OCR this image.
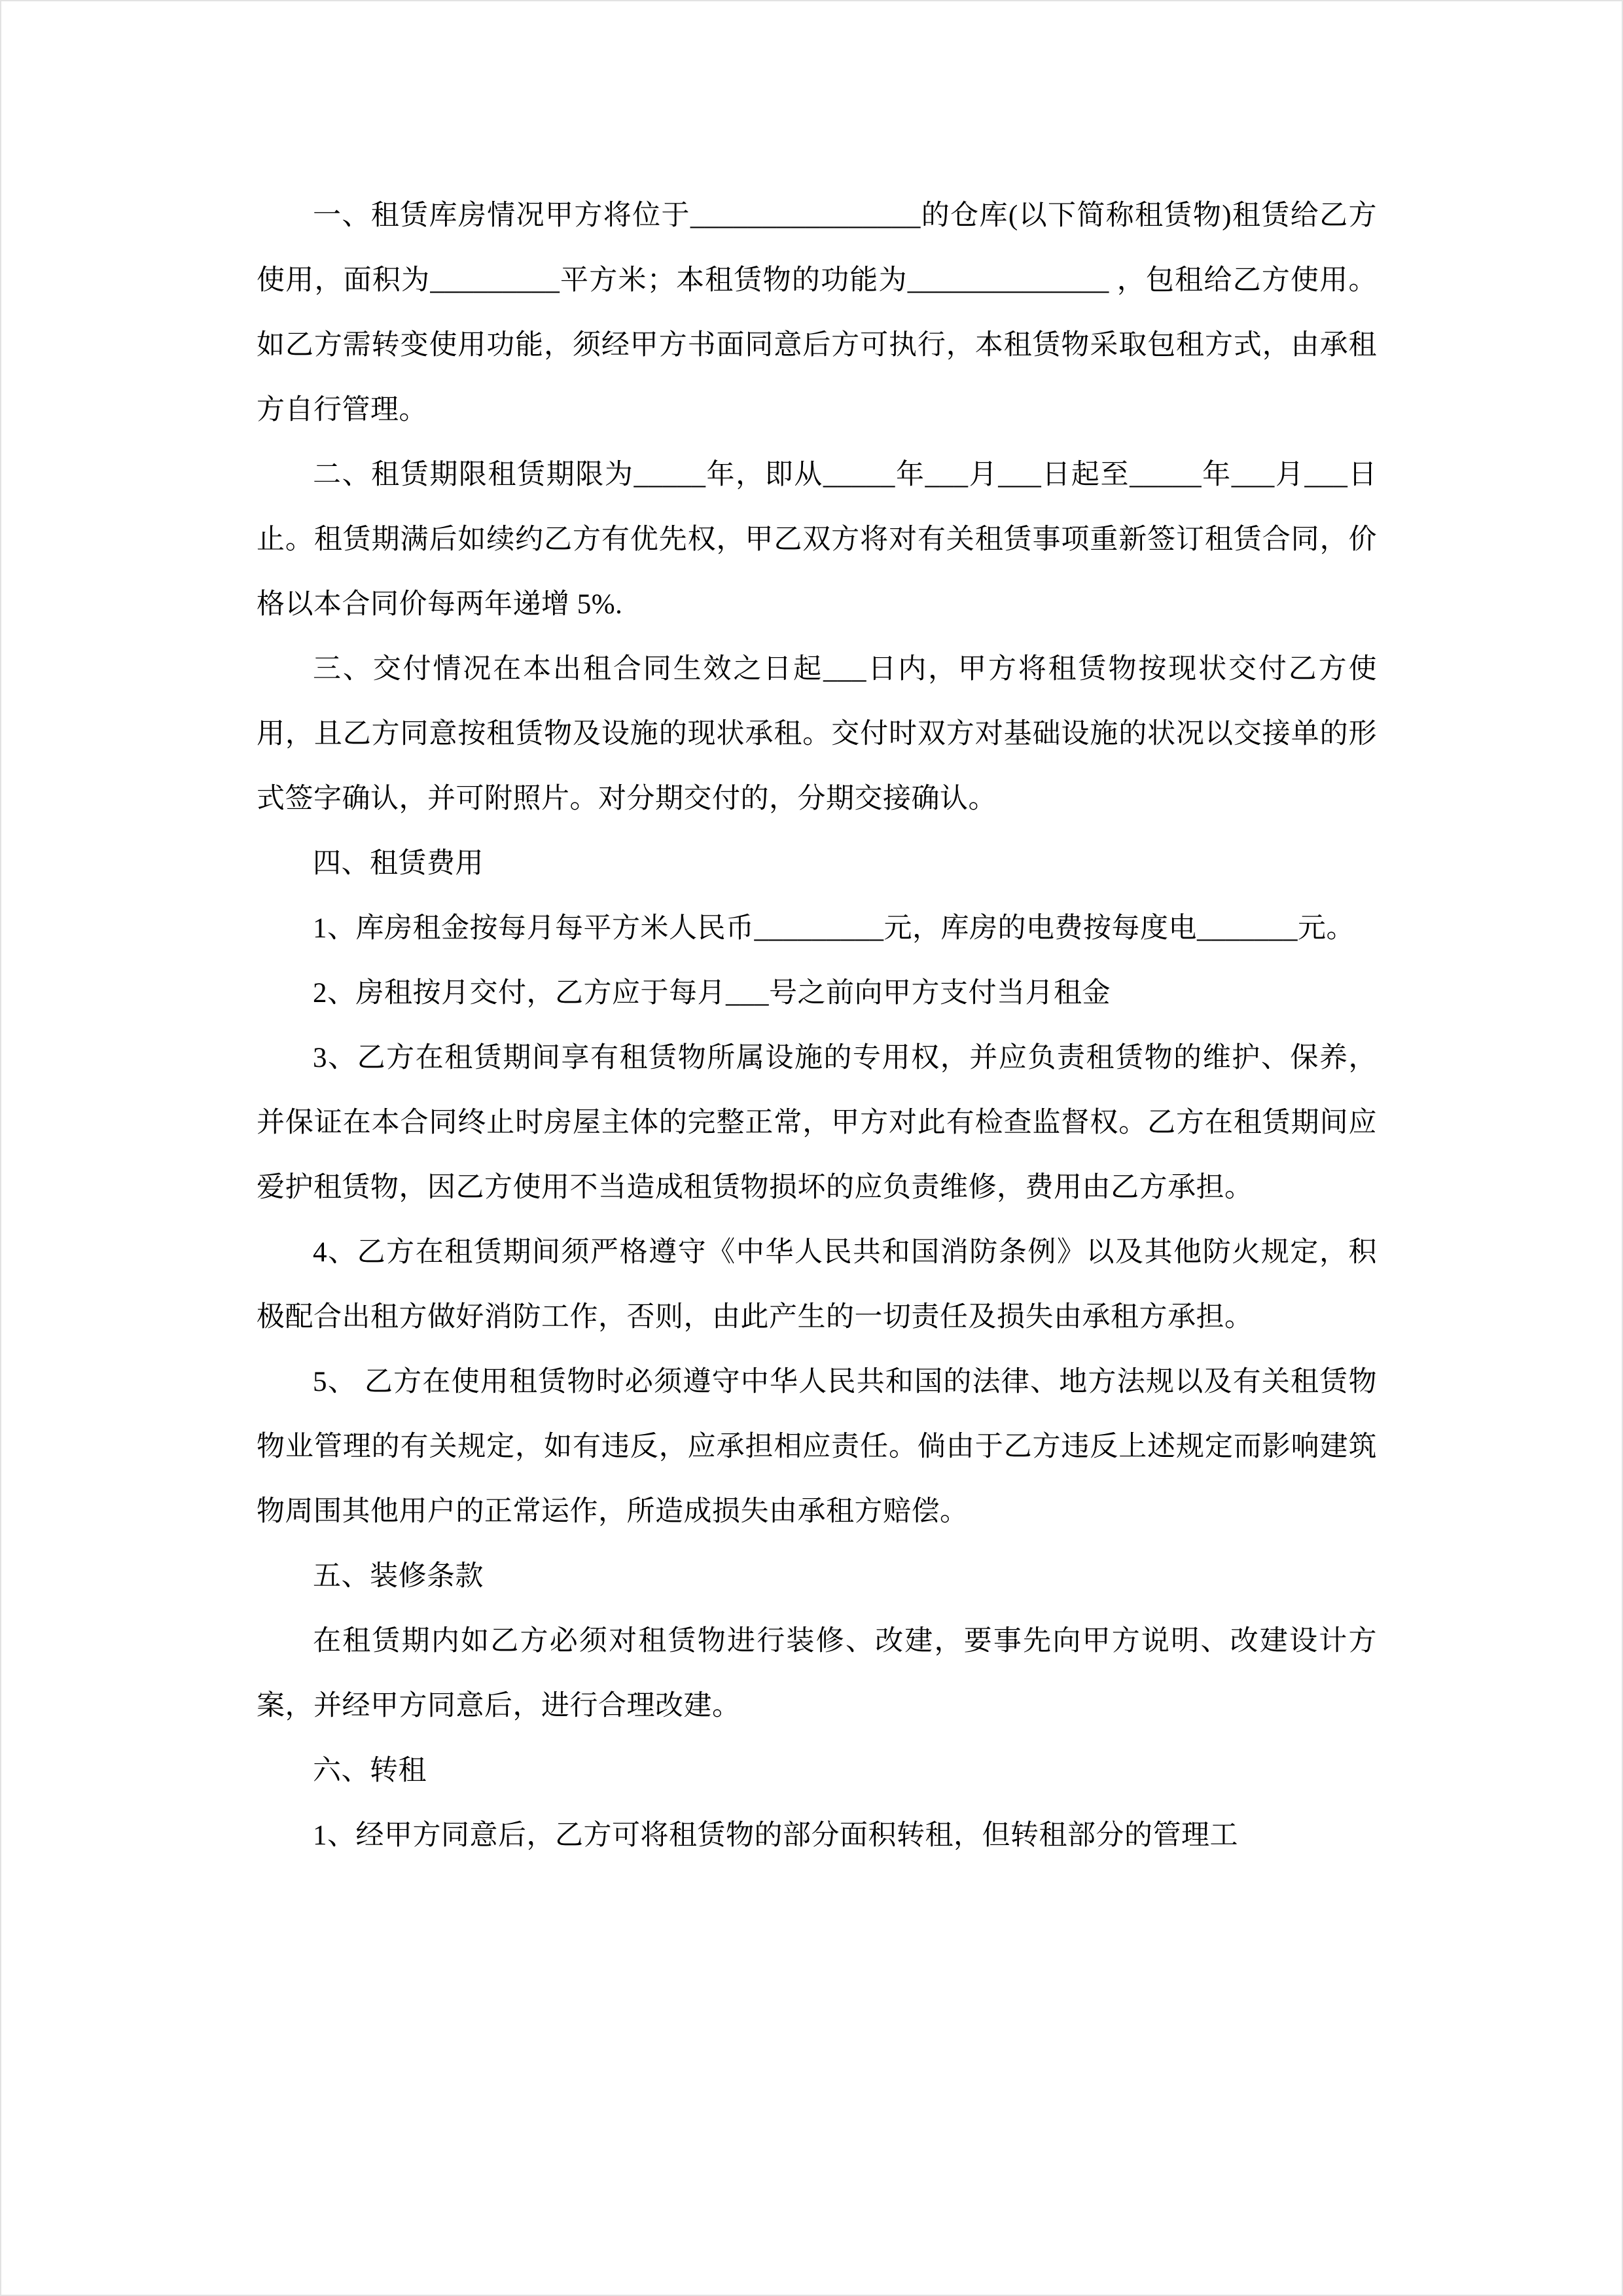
一、租赁库房情况甲方将位于________________的仓库(以下简称租赁物)租赁给乙方使用，面积为_________平方米；本租赁物的功能为______________ ，包租给乙方使用。如乙方需转变使用功能，须经甲方书面同意后方可执行，本租赁物采取包租方式，由承租方自行管理。

二、租赁期限租赁期限为_____年，即从_____年___月___日起至_____年___月___日止。租赁期满后如续约乙方有优先权，甲乙双方将对有关租赁事项重新签订租赁合同，价格以本合同价每两年递增 5%.

三、交付情况在本出租合同生效之日起___日内，甲方将租赁物按现状交付乙方使用，且乙方同意按租赁物及设施的现状承租。交付时双方对基础设施的状况以交接单的形式签字确认，并可附照片。对分期交付的，分期交接确认。

四、租赁费用

1、库房租金按每月每平方米人民币_________元，库房的电费按每度电_______元。

2、房租按月交付，乙方应于每月___号之前向甲方支付当月租金

3、乙方在租赁期间享有租赁物所属设施的专用权，并应负责租赁物的维护、保养，并保证在本合同终止时房屋主体的完整正常，甲方对此有检查监督权。乙方在租赁期间应爱护租赁物，因乙方使用不当造成租赁物损坏的应负责维修，费用由乙方承担。

4、乙方在租赁期间须严格遵守《中华人民共和国消防条例》以及其他防火规定，积极配合出租方做好消防工作，否则，由此产生的一切责任及损失由承租方承担。

5、 乙方在使用租赁物时必须遵守中华人民共和国的法律、地方法规以及有关租赁物物业管理的有关规定，如有违反，应承担相应责任。倘由于乙方违反上述规定而影响建筑物周围其他用户的正常运作，所造成损失由承租方赔偿。

五、装修条款

在租赁期内如乙方必须对租赁物进行装修、改建，要事先向甲方说明、改建设计方案，并经甲方同意后，进行合理改建。

六、转租

1、经甲方同意后，乙方可将租赁物的部分面积转租，但转租部分的管理工
